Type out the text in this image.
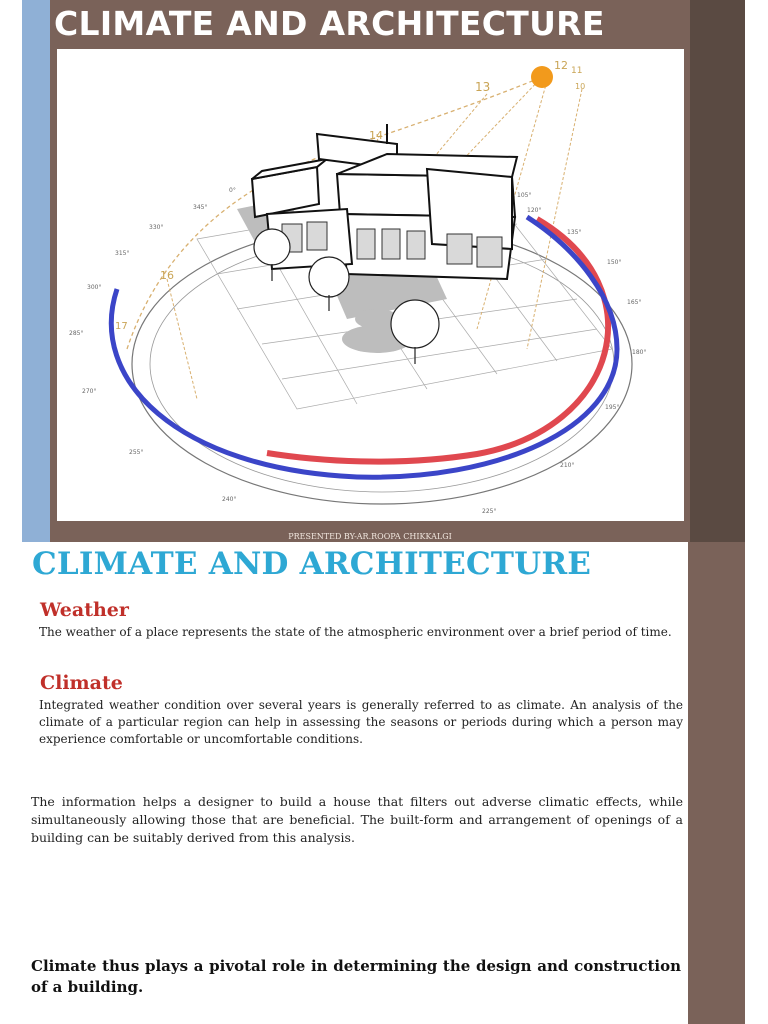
CLIMATE AND ARCHITECTURE
12 11
10
13
14
16
17
0°
345°
330°
315°
300°
285°
270°
255°
240°
225°
210°
195°
180°
165°
150°
135°
120°
105°
PRESENTED BY-AR.ROOPA CHIKKALGI
CLIMATE AND ARCHITECTURE
Weather
The weather of a place represents the state of the atmospheric environment over a brief period of time.
Climate
Integrated weather condition over several years is generally referred to as climate. An analysis of the climate of a particular region can help in assessing the seasons or periods during which a person may experience comfortable or uncomfortable conditions.
The information helps a designer to build a house that filters out adverse climatic effects, while simultaneously allowing those that are beneficial. The built-form and arrangement of openings of a building can be suitably derived from this analysis.
Climate thus plays a pivotal role in determining the design and construction of a building.
